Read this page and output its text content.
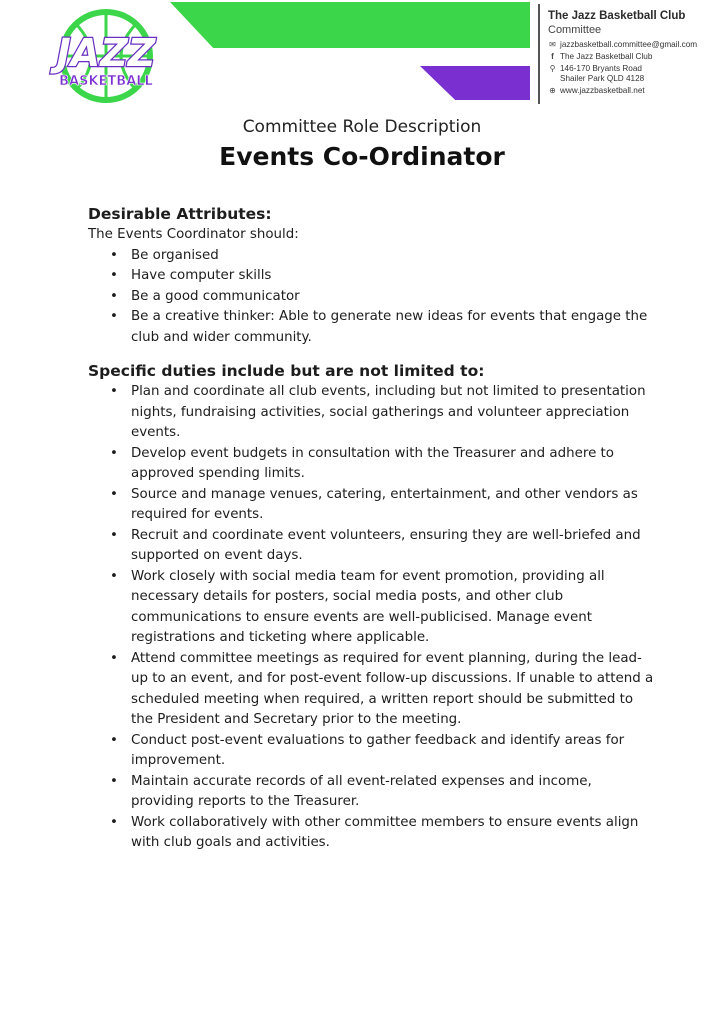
JAZZ
BASKETBALL
The Jazz Basketball Club
Committee
✉ jazzbasketball.committee@gmail.com
f The Jazz Basketball Club
⚲ 146-170 Bryants Road
Shailer Park QLD 4128
⊕ www.jazzbasketball.net
Committee Role Description
Events Co-Ordinator
Desirable Attributes:
The Events Coordinator should:
• Be organised
• Have computer skills
• Be a good communicator
• Be a creative thinker: Able to generate new ideas for events that engage the club and wider community.
Specific duties include but are not limited to:
• Plan and coordinate all club events, including but not limited to presentation nights, fundraising activities, social gatherings and volunteer appreciation events.
• Develop event budgets in consultation with the Treasurer and adhere to approved spending limits.
• Source and manage venues, catering, entertainment, and other vendors as required for events.
• Recruit and coordinate event volunteers, ensuring they are well-briefed and supported on event days.
• Work closely with social media team for event promotion, providing all necessary details for posters, social media posts, and other club communications to ensure events are well-publicised. Manage event registrations and ticketing where applicable.
• Attend committee meetings as required for event planning, during the lead-up to an event, and for post-event follow-up discussions. If unable to attend a scheduled meeting when required, a written report should be submitted to the President and Secretary prior to the meeting.
• Conduct post-event evaluations to gather feedback and identify areas for improvement.
• Maintain accurate records of all event-related expenses and income, providing reports to the Treasurer.
• Work collaboratively with other committee members to ensure events align with club goals and activities.
